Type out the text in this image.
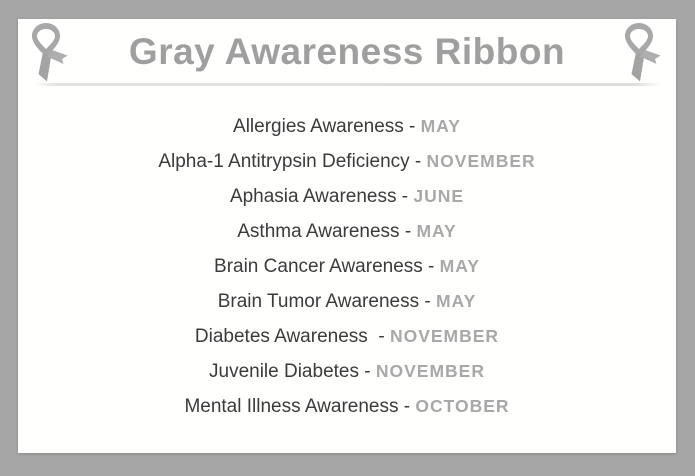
Gray Awareness Ribbon
Allergies Awareness - MAY
Alpha-1 Antitrypsin Deficiency - NOVEMBER
Aphasia Awareness - JUNE
Asthma Awareness - MAY
Brain Cancer Awareness - MAY
Brain Tumor Awareness - MAY
Diabetes Awareness  - NOVEMBER
Juvenile Diabetes - NOVEMBER
Mental Illness Awareness - OCTOBER
